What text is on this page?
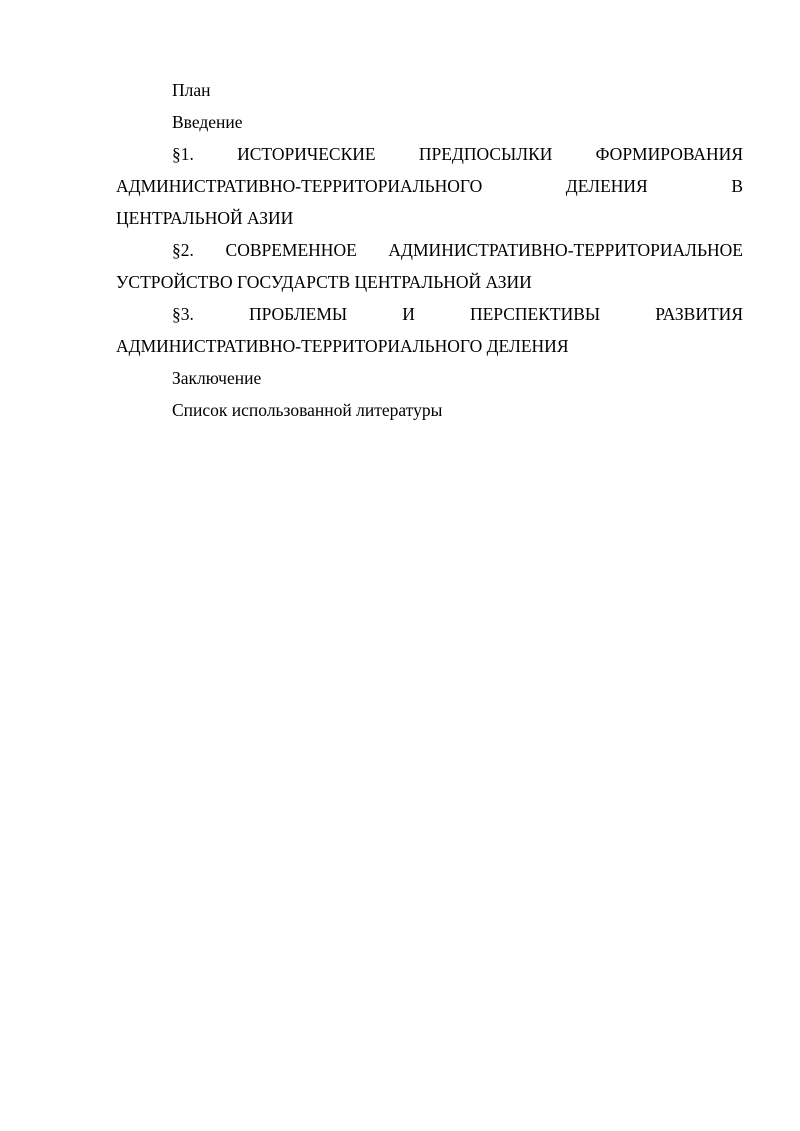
План

Введение

§1. ИСТОРИЧЕСКИЕ ПРЕДПОСЫЛКИ ФОРМИРОВАНИЯ
АДМИНИСТРАТИВНО-ТЕРРИТОРИАЛЬНОГО ДЕЛЕНИЯ В
ЦЕНТРАЛЬНОЙ АЗИИ
§2. СОВРЕМЕННОЕ АДМИНИСТРАТИВНО-ТЕРРИТОРИАЛЬНОЕ
УСТРОЙСТВО ГОСУДАРСТВ ЦЕНТРАЛЬНОЙ АЗИИ
§3. ПРОБЛЕМЫ И ПЕРСПЕКТИВЫ РАЗВИТИЯ
АДМИНИСТРАТИВНО-ТЕРРИТОРИАЛЬНОГО ДЕЛЕНИЯ

Заключение

Список использованной литературы
